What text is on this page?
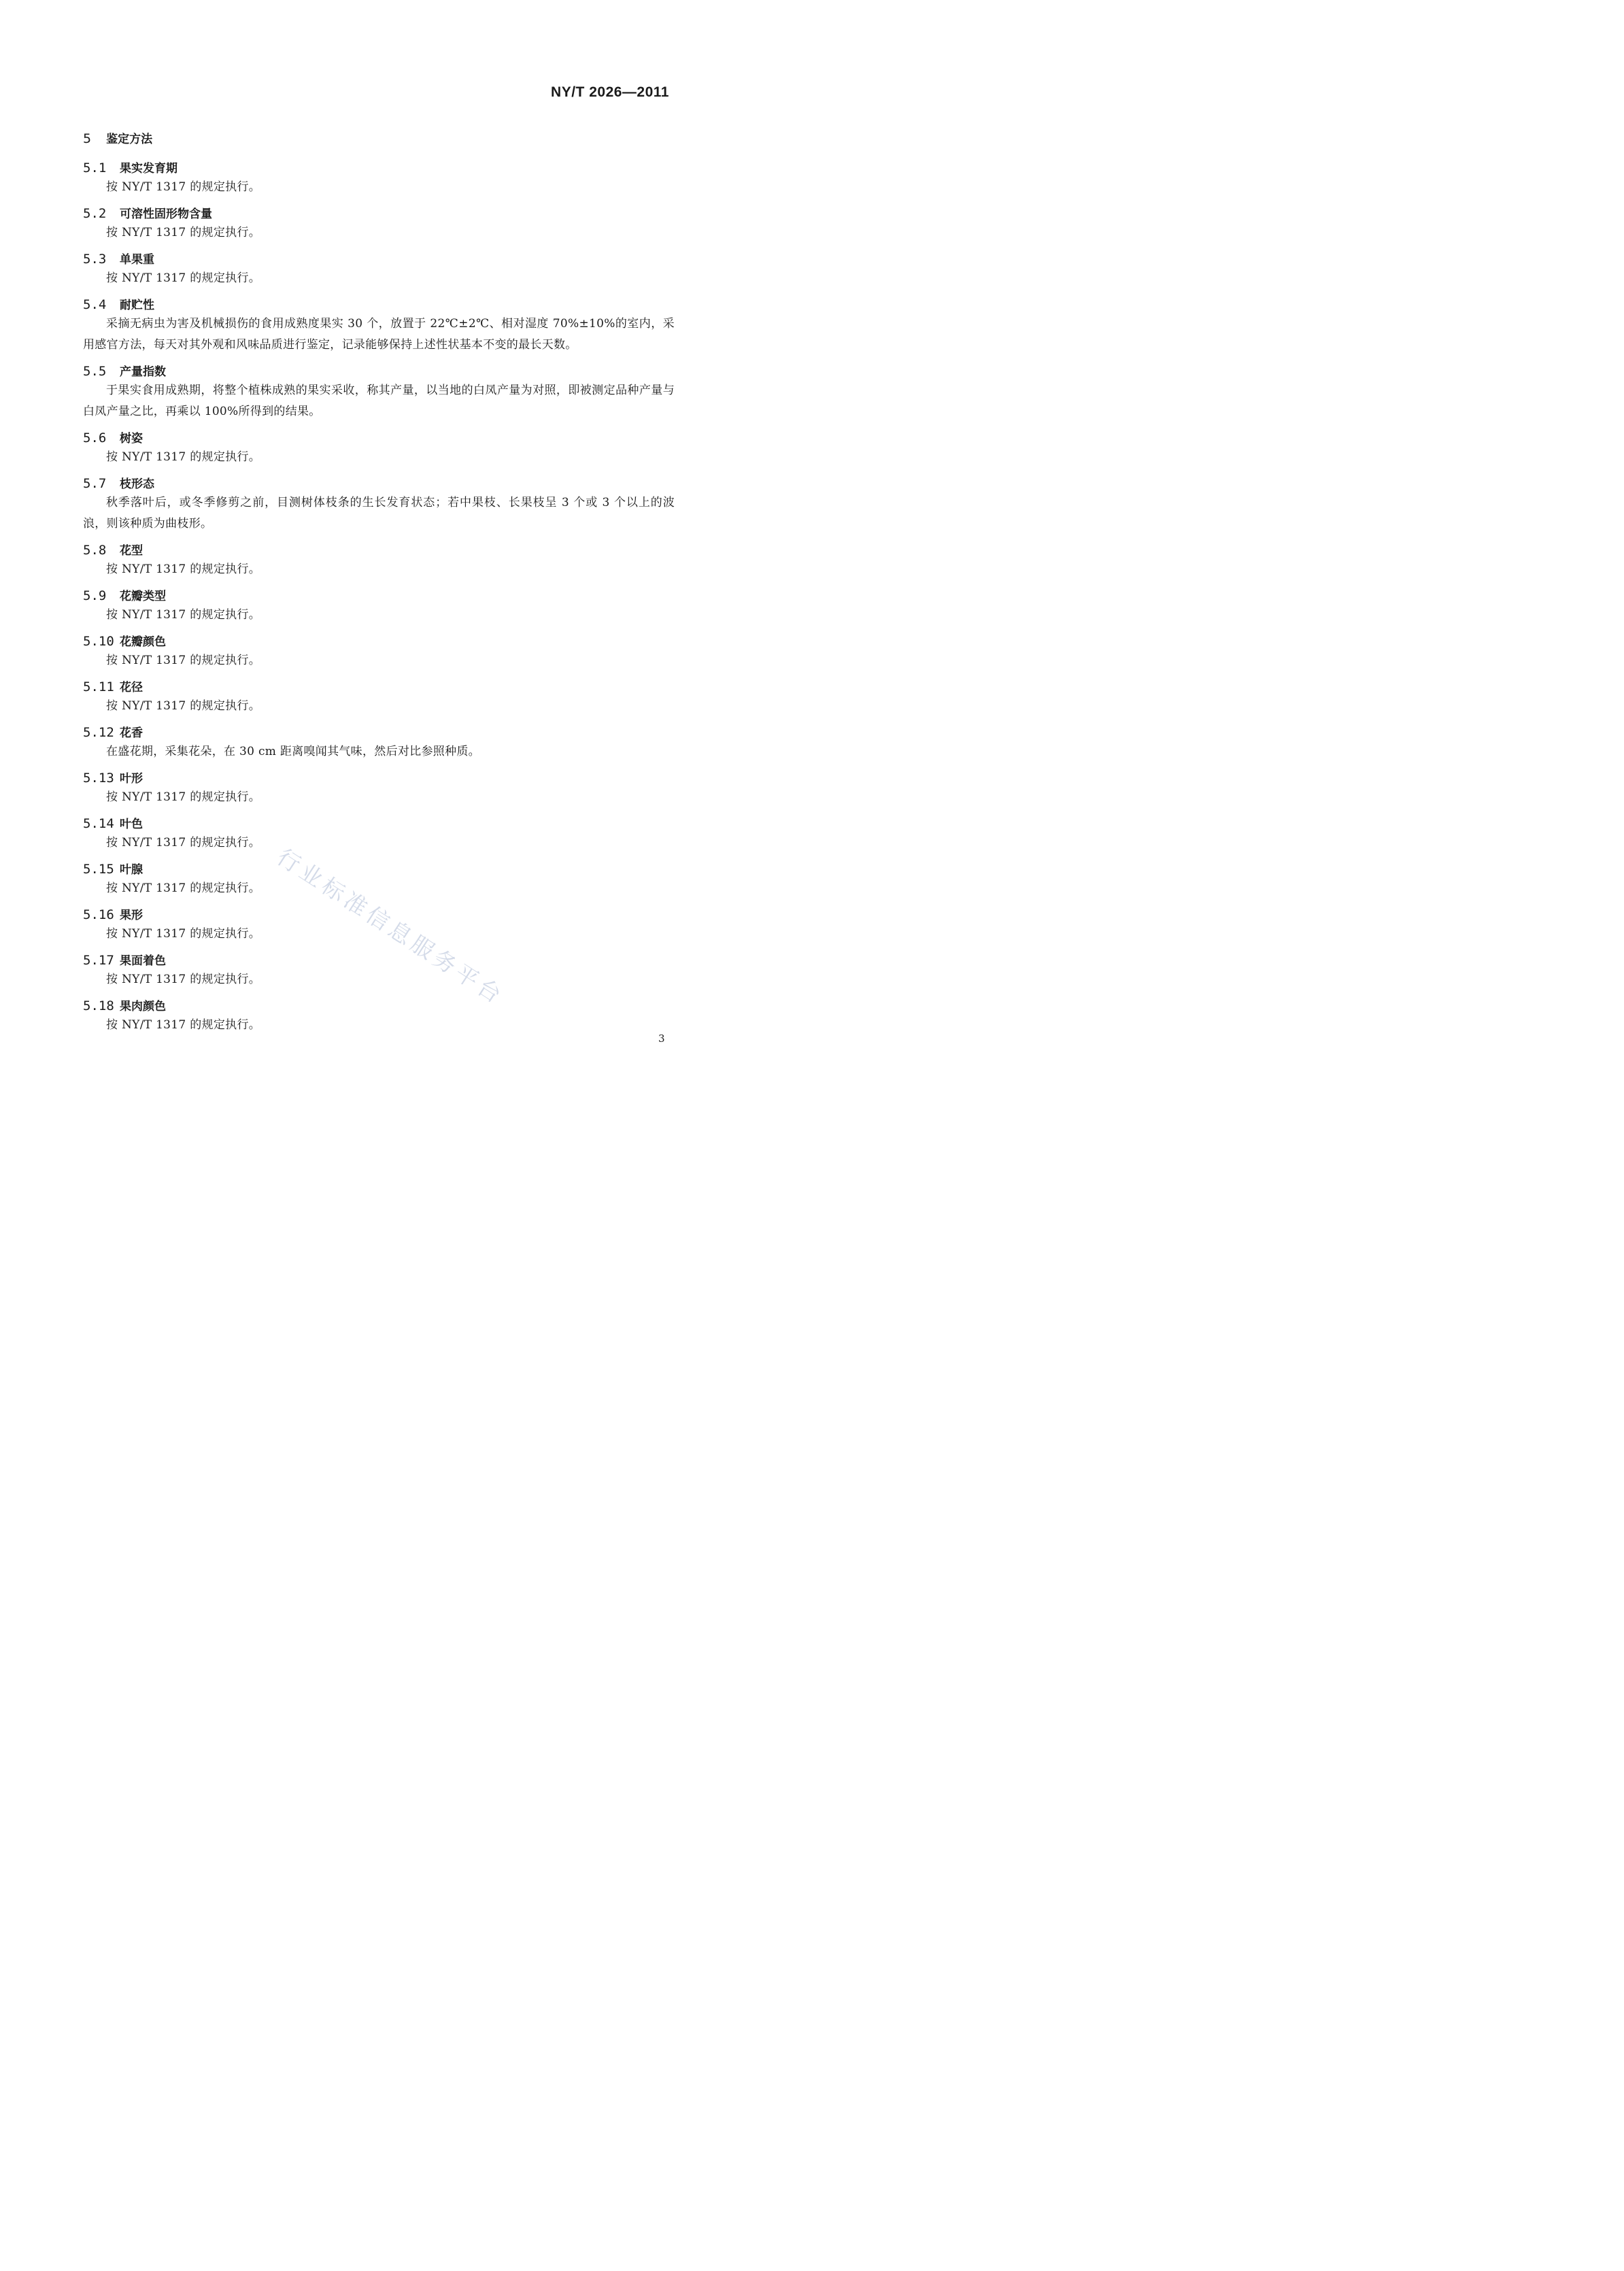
NY/T 2026—2011
5 鉴定方法
5.1 果实发育期
按 NY/T 1317 的规定执行。
5.2 可溶性固形物含量
按 NY/T 1317 的规定执行。
5.3 单果重
按 NY/T 1317 的规定执行。
5.4 耐贮性
采摘无病虫为害及机械损伤的食用成熟度果实 30 个，放置于 22℃±2℃、相对湿度 70%±10%的室内，采用感官方法，每天对其外观和风味品质进行鉴定，记录能够保持上述性状基本不变的最长天数。
5.5 产量指数
于果实食用成熟期，将整个植株成熟的果实采收，称其产量，以当地的白凤产量为对照，即被测定品种产量与白凤产量之比，再乘以 100%所得到的结果。
5.6 树姿
按 NY/T 1317 的规定执行。
5.7 枝形态
秋季落叶后，或冬季修剪之前，目测树体枝条的生长发育状态；若中果枝、长果枝呈 3 个或 3 个以上的波浪，则该种质为曲枝形。
5.8 花型
按 NY/T 1317 的规定执行。
5.9 花瓣类型
按 NY/T 1317 的规定执行。
5.10 花瓣颜色
按 NY/T 1317 的规定执行。
5.11 花径
按 NY/T 1317 的规定执行。
5.12 花香
在盛花期，采集花朵，在 30 cm 距离嗅闻其气味，然后对比参照种质。
5.13 叶形
按 NY/T 1317 的规定执行。
5.14 叶色
按 NY/T 1317 的规定执行。
5.15 叶腺
按 NY/T 1317 的规定执行。
5.16 果形
按 NY/T 1317 的规定执行。
5.17 果面着色
按 NY/T 1317 的规定执行。
5.18 果肉颜色
按 NY/T 1317 的规定执行。
3
行业标准信息服务平台
